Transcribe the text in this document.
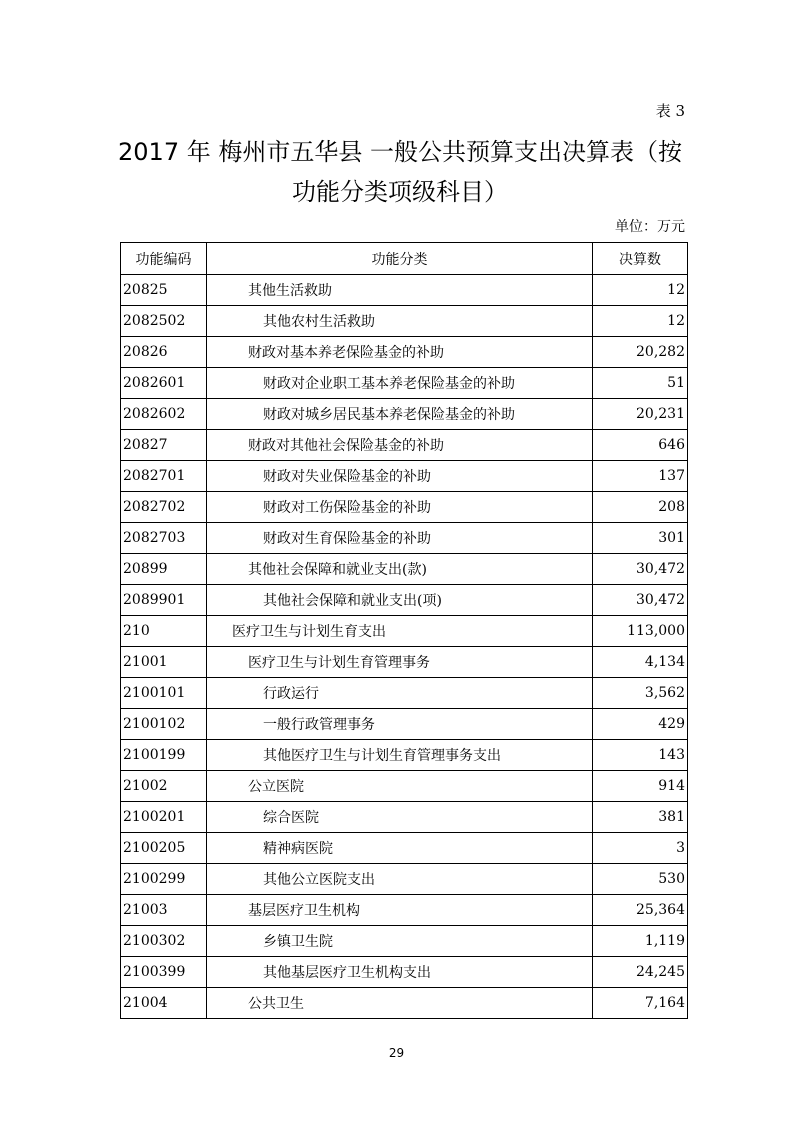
表 3
2017 年 梅州市五华县 一般公共预算支出决算表（按
功能分类项级科目）
单位：万元
功能编码	功能分类	决算数
20825	其他生活救助	12
2082502	其他农村生活救助	12
20826	财政对基本养老保险基金的补助	20,282
2082601	财政对企业职工基本养老保险基金的补助	51
2082602	财政对城乡居民基本养老保险基金的补助	20,231
20827	财政对其他社会保险基金的补助	646
2082701	财政对失业保险基金的补助	137
2082702	财政对工伤保险基金的补助	208
2082703	财政对生育保险基金的补助	301
20899	其他社会保障和就业支出(款)	30,472
2089901	其他社会保障和就业支出(项)	30,472
210	医疗卫生与计划生育支出	113,000
21001	医疗卫生与计划生育管理事务	4,134
2100101	行政运行	3,562
2100102	一般行政管理事务	429
2100199	其他医疗卫生与计划生育管理事务支出	143
21002	公立医院	914
2100201	综合医院	381
2100205	精神病医院	3
2100299	其他公立医院支出	530
21003	基层医疗卫生机构	25,364
2100302	乡镇卫生院	1,119
2100399	其他基层医疗卫生机构支出	24,245
21004	公共卫生	7,164
29
